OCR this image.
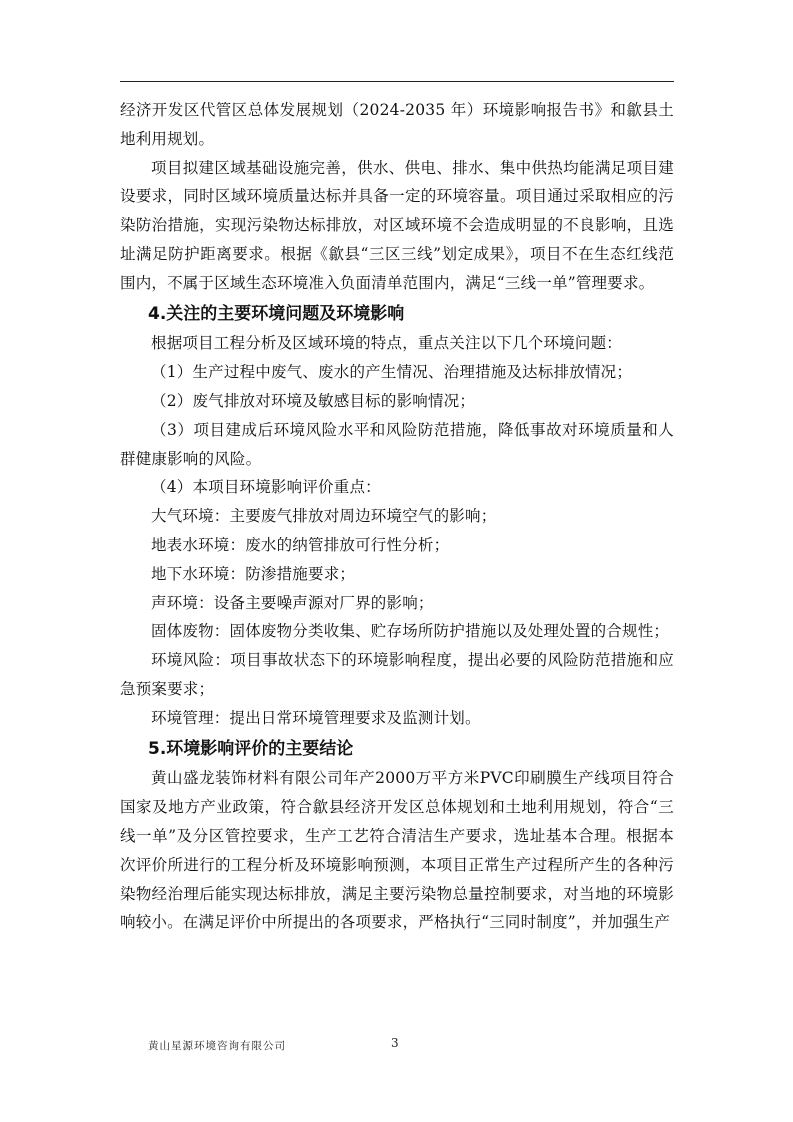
经济开发区代管区总体发展规划（2024-2035 年）环境影响报告书》和歙县土地利用规划。

项目拟建区域基础设施完善，供水、供电、排水、集中供热均能满足项目建设要求，同时区域环境质量达标并具备一定的环境容量。项目通过采取相应的污染防治措施，实现污染物达标排放，对区域环境不会造成明显的不良影响，且选址满足防护距离要求。根据《歙县“三区三线”划定成果》，项目不在生态红线范围内，不属于区域生态环境准入负面清单范围内，满足“三线一单”管理要求。

4.关注的主要环境问题及环境影响

根据项目工程分析及区域环境的特点，重点关注以下几个环境问题：

（1）生产过程中废气、废水的产生情况、治理措施及达标排放情况；

（2）废气排放对环境及敏感目标的影响情况；

（3）项目建成后环境风险水平和风险防范措施，降低事故对环境质量和人群健康影响的风险。

（4）本项目环境影响评价重点：

大气环境：主要废气排放对周边环境空气的影响；

地表水环境：废水的纳管排放可行性分析；

地下水环境：防渗措施要求；

声环境：设备主要噪声源对厂界的影响；

固体废物：固体废物分类收集、贮存场所防护措施以及处理处置的合规性；

环境风险：项目事故状态下的环境影响程度，提出必要的风险防范措施和应急预案要求；

环境管理：提出日常环境管理要求及监测计划。

5.环境影响评价的主要结论

黄山盛龙装饰材料有限公司年产2000万平方米PVC印刷膜生产线项目符合国家及地方产业政策，符合歙县经济开发区总体规划和土地利用规划，符合“三线一单”及分区管控要求，生产工艺符合清洁生产要求，选址基本合理。根据本次评价所进行的工程分析及环境影响预测，本项目正常生产过程所产生的各种污染物经治理后能实现达标排放，满足主要污染物总量控制要求，对当地的环境影响较小。在满足评价中所提出的各项要求，严格执行“三同时制度”，并加强生产

黄山星源环境咨询有限公司	3
